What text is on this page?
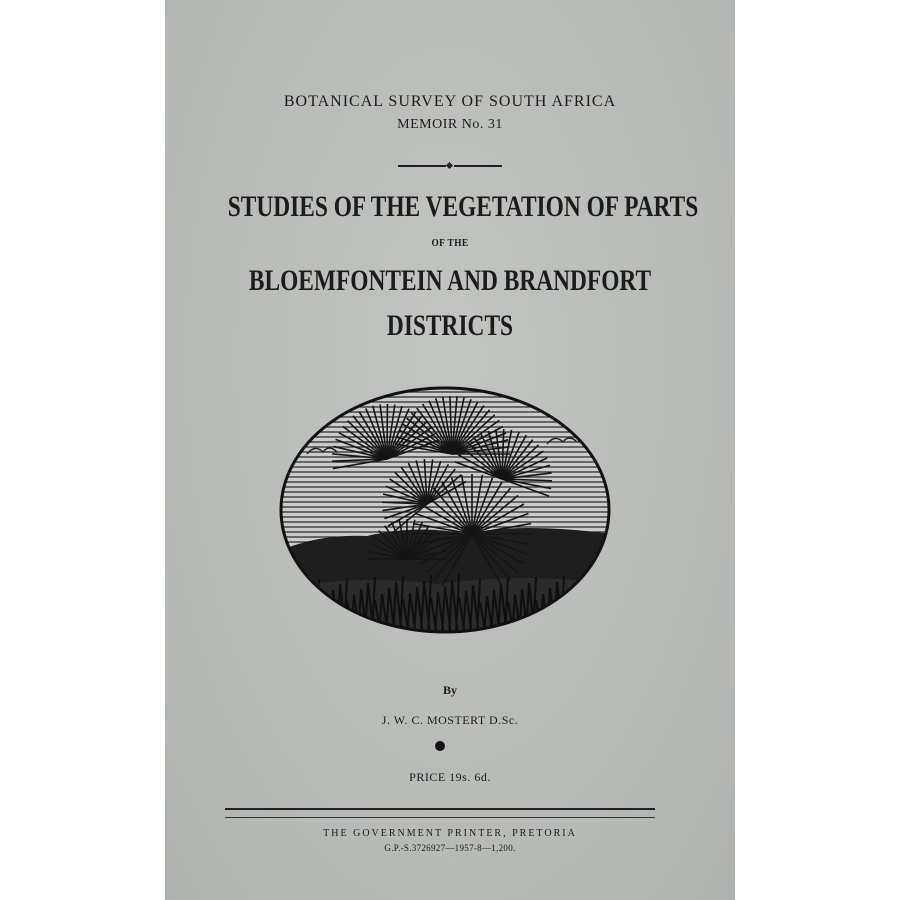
BOTANICAL SURVEY OF SOUTH AFRICA
MEMOIR No. 31
STUDIES OF THE VEGETATION OF PARTS
OF THE
BLOEMFONTEIN AND BRANDFORT
DISTRICTS
By
J. W. C. MOSTERT D.Sc.
PRICE 19s. 6d.
THE GOVERNMENT PRINTER, PRETORIA
G.P.-S.3726927—1957-8—1,200.
